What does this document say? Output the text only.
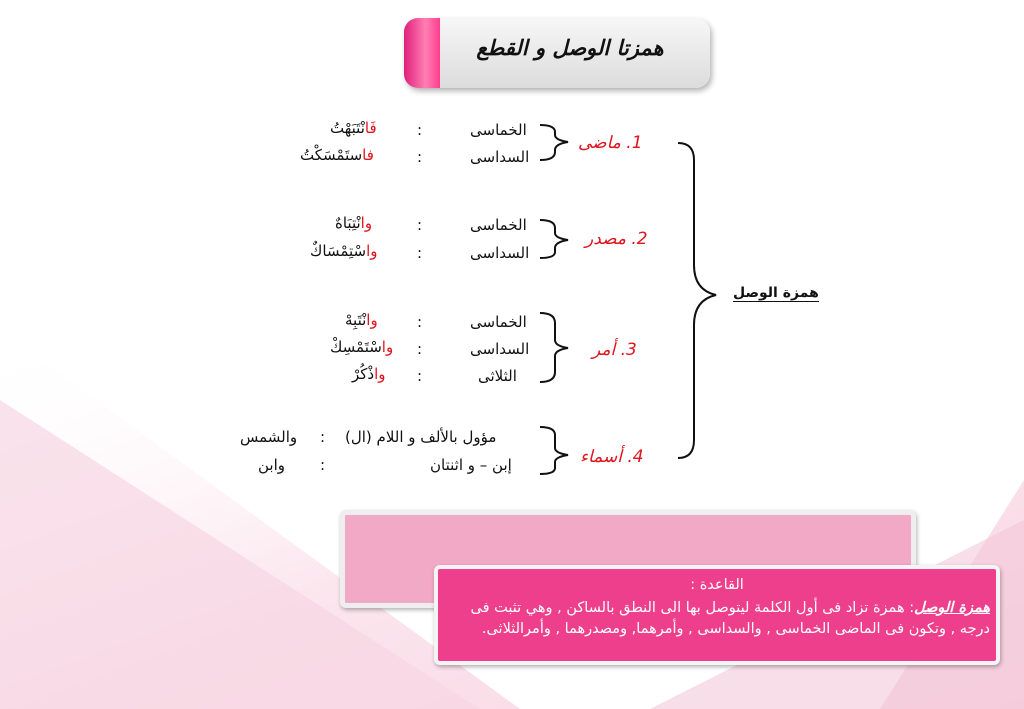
همزتا الوصل و القطع
همزة الوصل
1. ماضى
2. مصدر
3. أمر
4. أسماء
الخماسى
:
فَانْتَبَهْتُ
السداسى
:
فاستَمْسَكْتُ
الخماسى
:
وانْتِبَاهٌ
السداسى
:
واسْتِمْسَاكٌ
الخماسى
:
وانْتَبِهْ
السداسى
:
واسْتَمْسِكْ
الثلاثى
:
واذْكُرْ
مؤول بالألف و اللام (ال)
:
والشمس
إبن – و اثنتان
:
وابن
القاعدة :
همزة الوصل: همزة تزاد فى أول الكلمة ليتوصل بها الى النطق بالساكن , وهي تثبت فى درجه , وتكون فى الماضى الخماسى , والسداسى , وأمرهما, ومصدرهما , وأمرالثلاثى.
